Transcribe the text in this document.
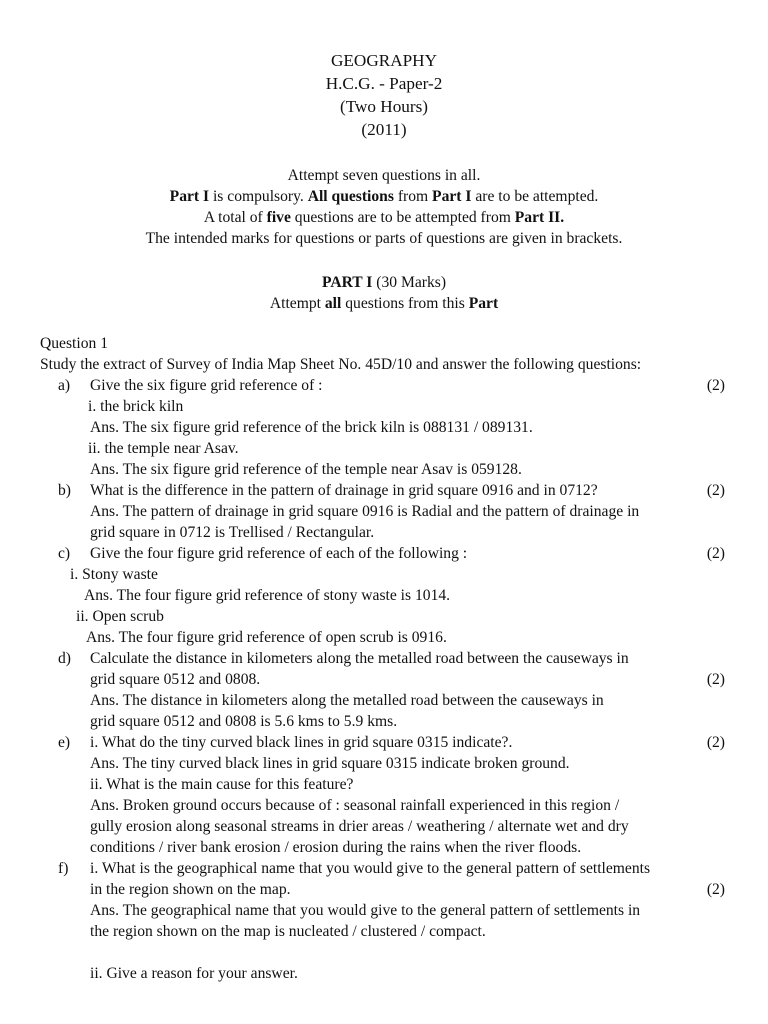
GEOGRAPHY
H.C.G. - Paper-2
(Two Hours)
(2011)
Attempt seven questions in all.
Part I is compulsory. All questions from Part I are to be attempted.
A total of five questions are to be attempted from Part II.
The intended marks for questions or parts of questions are given in brackets.
PART I (30 Marks)
Attempt all questions from this Part
Question 1
Study the extract of Survey of India Map Sheet No. 45D/10 and answer the following questions:
a) Give the six figure grid reference of :	(2)
i. the brick kiln
Ans. The six figure grid reference of the brick kiln is 088131 / 089131.
ii. the temple near Asav.
Ans. The six figure grid reference of the temple near Asav is 059128.
b) What is the difference in the pattern of drainage in grid square 0916 and in 0712?	(2)
Ans. The pattern of drainage in grid square 0916 is Radial and the pattern of drainage in
grid square in 0712 is Trellised / Rectangular.
c) Give the four figure grid reference of each of the following :	(2)
i. Stony waste
Ans. The four figure grid reference of stony waste is 1014.
ii. Open scrub
Ans. The four figure grid reference of open scrub is 0916.
d) Calculate the distance in kilometers along the metalled road between the causeways in
grid square 0512 and 0808.	(2)
Ans. The distance in kilometers along the metalled road between the causeways in
grid square 0512 and 0808 is 5.6 kms to 5.9 kms.
e) i. What do the tiny curved black lines in grid square 0315 indicate?.	(2)
Ans. The tiny curved black lines in grid square 0315 indicate broken ground.
ii. What is the main cause for this feature?
Ans. Broken ground occurs because of : seasonal rainfall experienced in this region /
gully erosion along seasonal streams in drier areas / weathering / alternate wet and dry
conditions / river bank erosion / erosion during the rains when the river floods.
f) i. What is the geographical name that you would give to the general pattern of settlements
in the region shown on the map.	(2)
Ans. The geographical name that you would give to the general pattern of settlements in
the region shown on the map is nucleated / clustered / compact.
ii. Give a reason for your answer.
